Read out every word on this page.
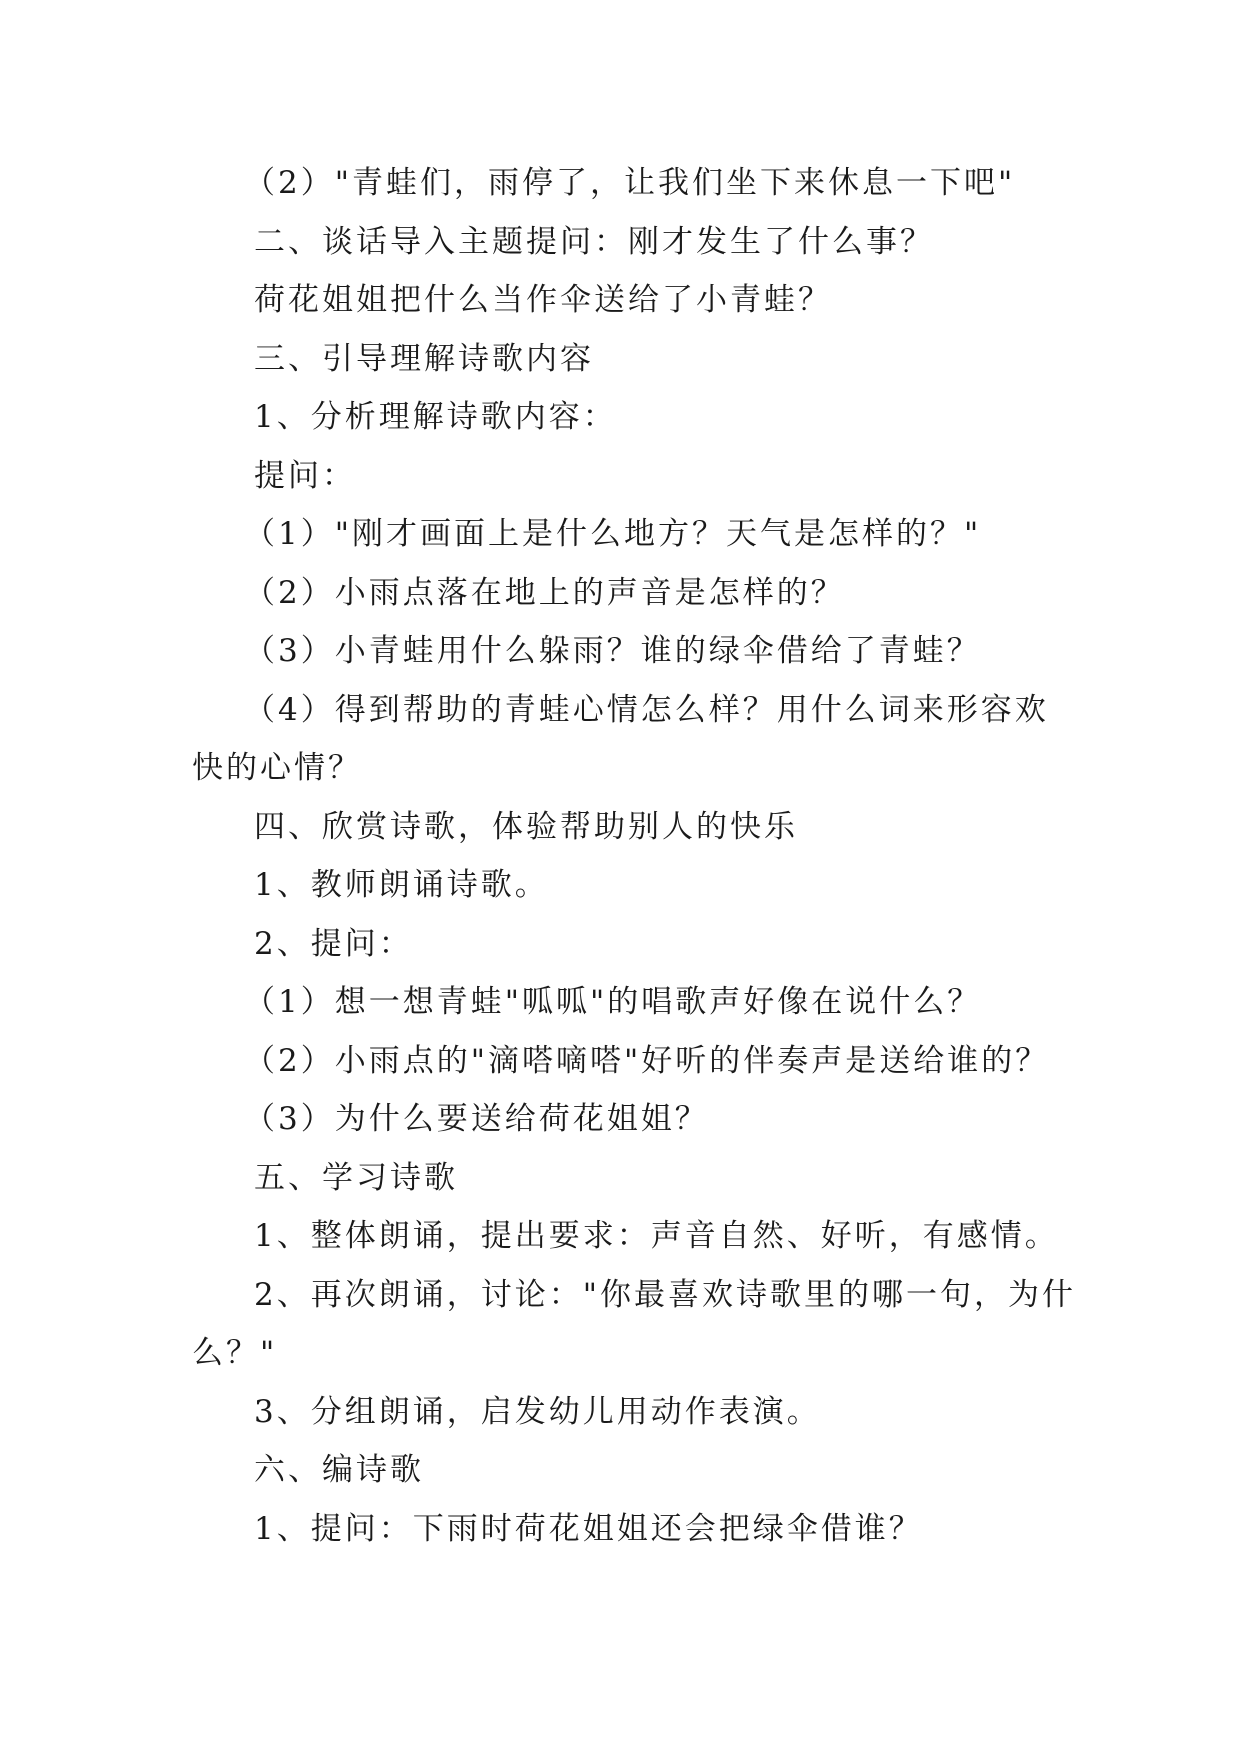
（2）"青蛙们，雨停了，让我们坐下来休息一下吧"
二、谈话导入主题提问：刚才发生了什么事？
荷花姐姐把什么当作伞送给了小青蛙？
三、引导理解诗歌内容
1、分析理解诗歌内容：
提问：
（1）"刚才画面上是什么地方？天气是怎样的？"
（2）小雨点落在地上的声音是怎样的？
（3）小青蛙用什么躲雨？谁的绿伞借给了青蛙？
（4）得到帮助的青蛙心情怎么样？用什么词来形容欢
快的心情？
四、欣赏诗歌，体验帮助别人的快乐
1、教师朗诵诗歌。
2、提问：
（1）想一想青蛙"呱呱"的唱歌声好像在说什么？
（2）小雨点的"滴嗒嘀嗒"好听的伴奏声是送给谁的？
（3）为什么要送给荷花姐姐？
五、学习诗歌
1、整体朗诵，提出要求：声音自然、好听，有感情。
2、再次朗诵，讨论："你最喜欢诗歌里的哪一句，为什
么？"
3、分组朗诵，启发幼儿用动作表演。
六、编诗歌
1、提问：下雨时荷花姐姐还会把绿伞借谁？
